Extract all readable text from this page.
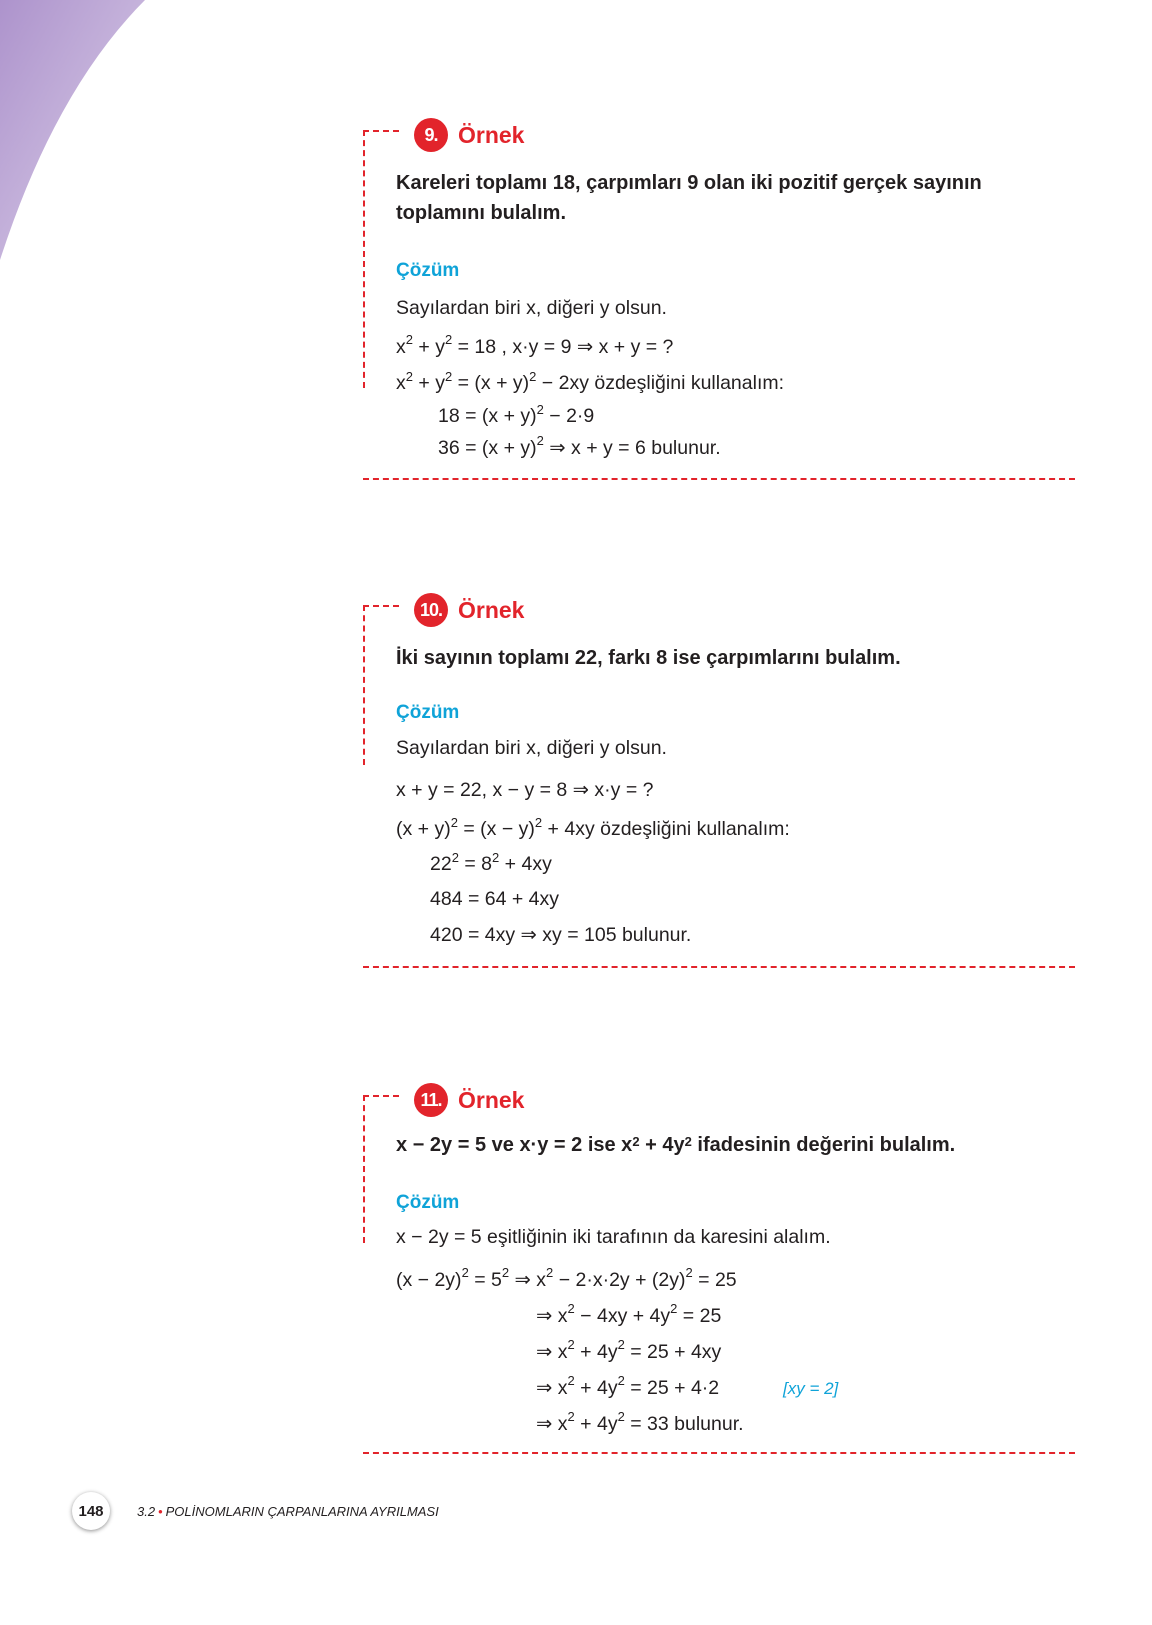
9. Örnek
Kareleri toplamı 18, çarpımları 9 olan iki pozitif gerçek sayının toplamını bulalım.
Çözüm
Sayılardan biri x, diğeri y olsun.
$x^2 + y^2 = 18$ , x·y = 9 ⇒ x + y = ?
$x^2 + y^2 = (x + y)^2 - 2xy$ özdeşliğini kullanalım:
$18 = (x + y)^2 - 2\cdot 9$
$36 = (x + y)^2$ ⇒ x + y = 6 bulunur.
10. Örnek
İki sayının toplamı 22, farkı 8 ise çarpımlarını bulalım.
Çözüm
Sayılardan biri x, diğeri y olsun.
x + y = 22, x − y = 8 ⇒ x·y = ?
$(x + y)^2 = (x - y)^2 + 4xy$ özdeşliğini kullanalım:
$22^2 = 8^2 + 4xy$
484 = 64 + 4xy
420 = 4xy ⇒ xy = 105 bulunur.
11. Örnek
x − 2y = 5 ve x·y = 2 ise $x^2 + 4y^2$ ifadesinin değerini bulalım.
Çözüm
x − 2y = 5 eşitliğinin iki tarafının da karesini alalım.
$(x - 2y)^2 = 5^2$ ⇒ $x^2 - 2\cdot x\cdot 2y + (2y)^2 = 25$
⇒ $x^2 - 4xy + 4y^2 = 25$
⇒ $x^2 + 4y^2 = 25 + 4xy$
⇒ $x^2 + 4y^2 = 25 + 4\cdot 2$	[xy = 2]
⇒ $x^2 + 4y^2 = 33$ bulunur.
148	3.2 • POLİNOMLARIN ÇARPANLARINA AYRILMASI
